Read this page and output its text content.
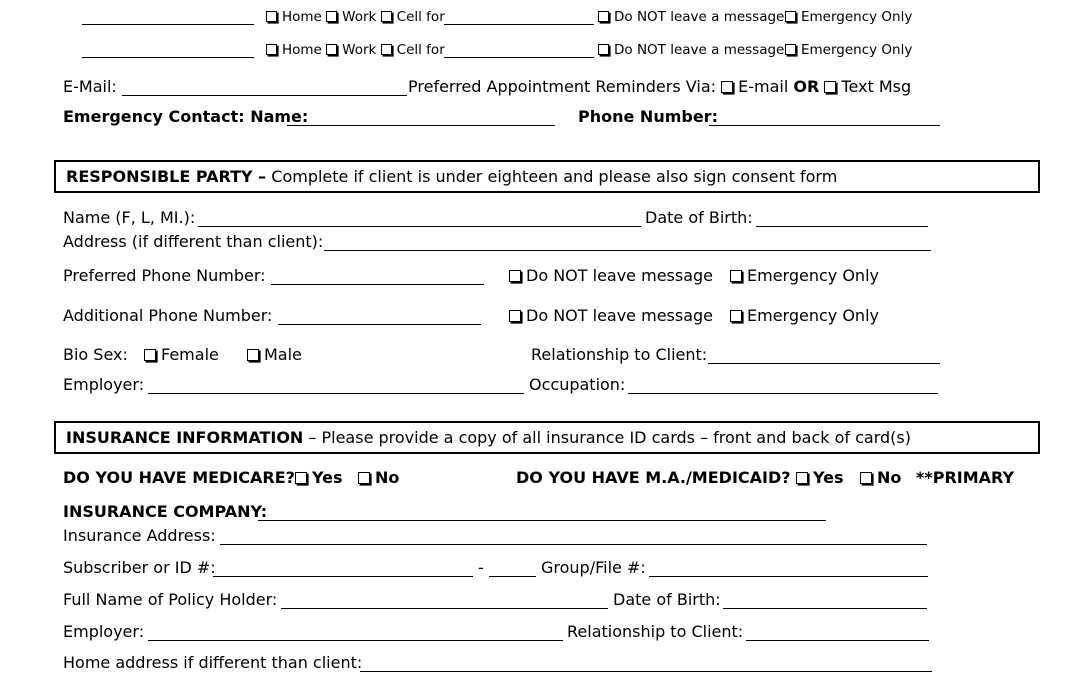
Home Work Cell for	Do NOT leave a message	Emergency Only
Home Work Cell for	Do NOT leave a message	Emergency Only
E-Mail:	Preferred Appointment Reminders Via: E-mail OR Text Msg
Emergency Contact: Name:	Phone Number:
RESPONSIBLE PARTY – Complete if client is under eighteen and please also sign consent form
Name (F, L, MI.):	Date of Birth:
Address (if different than client):
Preferred Phone Number:	Do NOT leave message	Emergency Only
Additional Phone Number:	Do NOT leave message	Emergency Only
Bio Sex:	Female	Male	Relationship to Client:
Employer:	Occupation:
INSURANCE INFORMATION – Please provide a copy of all insurance ID cards – front and back of card(s)
DO YOU HAVE MEDICARE?	Yes	No	DO YOU HAVE M.A./MEDICAID?	Yes	No **PRIMARY
INSURANCE COMPANY:
Insurance Address:
Subscriber or ID #:	-	Group/File #:
Full Name of Policy Holder:	Date of Birth:
Employer:	Relationship to Client:
Home address if different than client:
